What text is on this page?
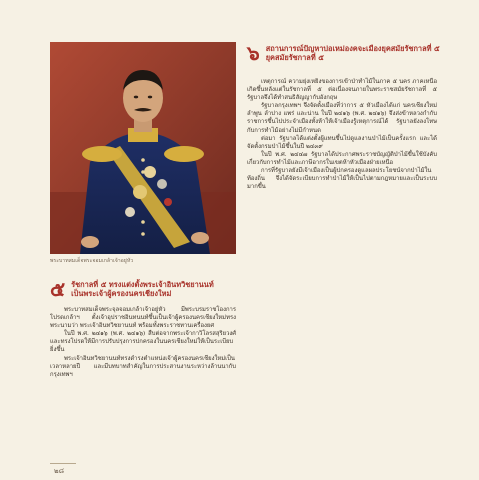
พระบาทสมเด็จพระจอมเกล้าเจ้าอยู่หัว
๖ สถานการณ์ปัญหาบ่อเหม่องคจะเมืองยุคสมัยรัชกาลที่ ๕
ยุคสมัยรัชกาลที่ ๕

เหตุการณ์ ความยุ่งเหยิงของการเข้าป่าทำไม้ในภาค ๕ นคร ภาคเหนือเกิดขึ้นหลังแต่ในรัชกาลที่ ๕ ต่อเนื่องจนภายในพระราชสมัยรัชกาลที่ ๕ รัฐบาลจึงได้ทำสนธิสัญญากับอังกฤษ

รัฐบาลกรุงเทพฯ จึงจัดตั้งเมืองที่ว่าการ ๕ หัวเมืองได้แก่ นครเชียงใหม่ ลำพูน ลำปาง แพร่ และน่าน ในปี ๒๔๑๖ (พ.ศ. ๒๔๑๖) จึงส่งข้าหลวงกำกับราชการขึ้นไปประจำเมืองทั้งห้าให้เจ้าเมืองรู้เหตุการณ์ได้ รัฐบาลยังลงโทษกับการทำไม้อย่างไม่มีกำหนด

ต่อมา รัฐบาลได้แต่งตั้งผู้แทนขึ้นไปดูแลงานป่าไม้เป็นครั้งแรก และได้จัดตั้งกรมป่าไม้ขึ้นในปี ๒๔๓๙

ในปี พ.ศ. ๒๔๔๗ รัฐบาลได้ประกาศพระราชบัญญัติป่าไม้ขึ้นใช้บังคับเกี่ยวกับการทำไม้และภาษีอากรในเขตห้าหัวเมืองฝ่ายเหนือ

การที่รัฐบาลยังมีเจ้าเมืองเป็นผู้ปกครองดูแลผลประโยชน์จากป่าไม้ในท้องถิ่น จึงได้จัดระเบียบการทำป่าไม้ให้เป็นไปตามกฎหมายและเป็นระบบมากขึ้น

๕ รัชกาลที่ ๕ ทรงแต่งตั้งพระเจ้าอินทวิชยานนท์
เป็นพระเจ้าผู้ครองนครเชียงใหม่

พระบาทสมเด็จพระจุลจอมเกล้าเจ้าอยู่หัว มีพระบรมราชโองการโปรดเกล้าฯ ตั้งเจ้าอุปราชอินทนนท์ขึ้นเป็นเจ้าผู้ครองนครเชียงใหม่ทรงพระนามว่า พระเจ้าอินทวิชยานนท์ พร้อมทั้งพระราชทานเครื่องยศ

ในปี พ.ศ. ๒๔๑๖ (พ.ศ. ๒๔๑๖) สืบต่อจากพระเจ้ากาวิโลรสสุริยวงศ์ และทรงโปรดให้มีการปรับปรุงการปกครองในนครเชียงใหม่ให้เป็นระเบียบยิ่งขึ้น

พระเจ้าอินทวิชยานนท์ทรงดำรงตำแหน่งเจ้าผู้ครองนครเชียงใหม่เป็นเวลาหลายปี และมีบทบาทสำคัญในการประสานงานระหว่างล้านนากับกรุงเทพฯ

๒๘
